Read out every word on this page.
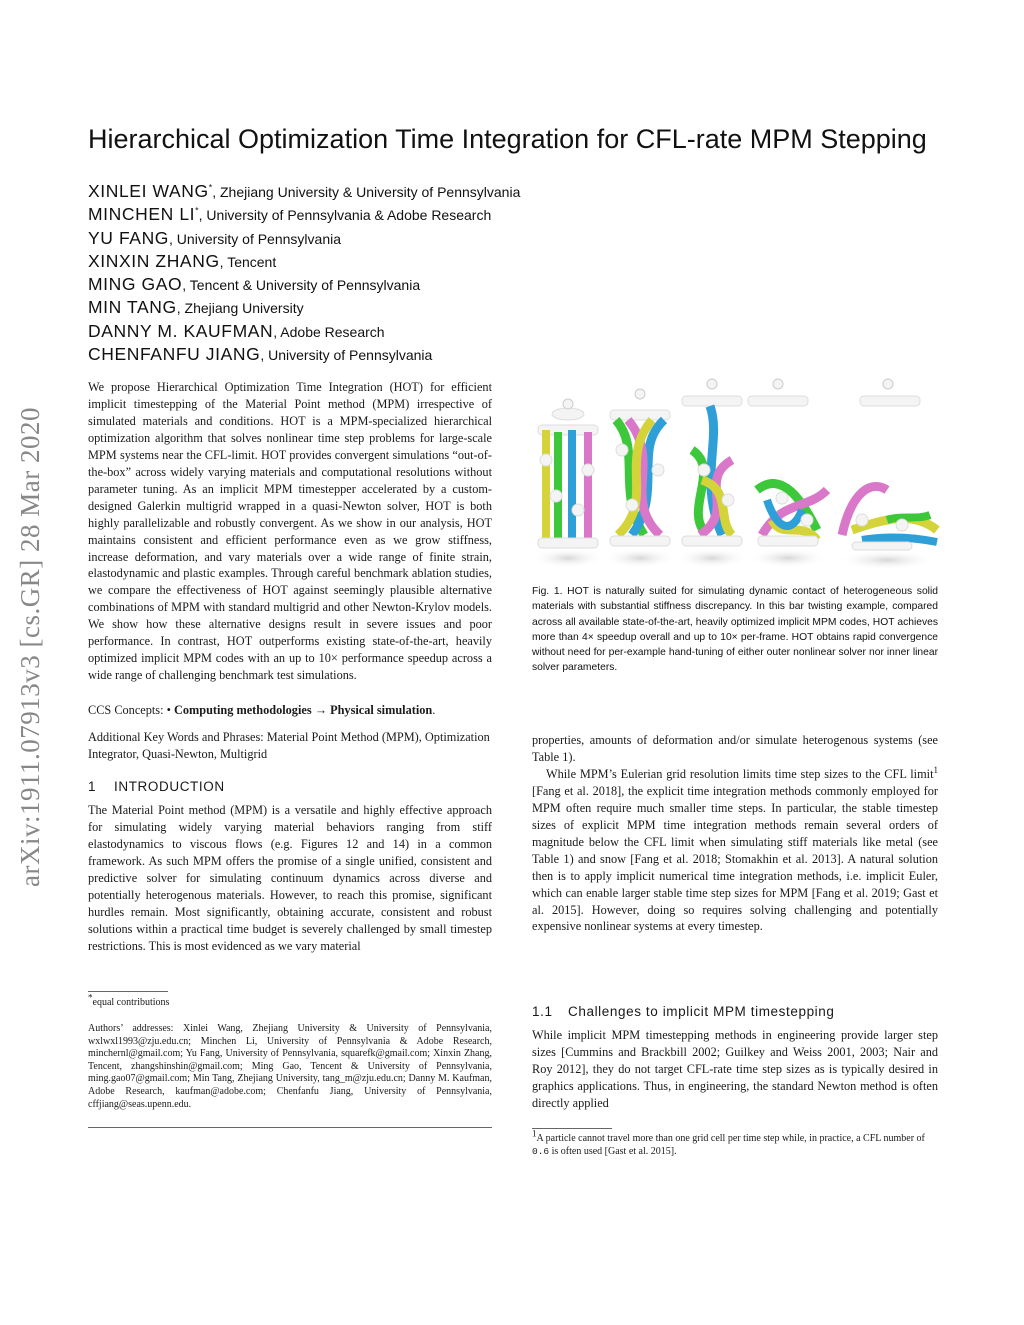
arXiv:1911.07913v3 [cs.GR] 28 Mar 2020
Hierarchical Optimization Time Integration for CFL-rate MPM Stepping
XINLEI WANG*, Zhejiang University & University of Pennsylvania
MINCHEN LI*, University of Pennsylvania & Adobe Research
YU FANG, University of Pennsylvania
XINXIN ZHANG, Tencent
MING GAO, Tencent & University of Pennsylvania
MIN TANG, Zhejiang University
DANNY M. KAUFMAN, Adobe Research
CHENFANFU JIANG, University of Pennsylvania

We propose Hierarchical Optimization Time Integration (HOT) for efficient implicit timestepping of the Material Point method (MPM) irrespective of simulated materials and conditions. HOT is a MPM-specialized hierarchical optimization algorithm that solves nonlinear time step problems for large-scale MPM systems near the CFL-limit. HOT provides convergent simulations “out-of-the-box” across widely varying materials and computational resolutions without parameter tuning. As an implicit MPM timestepper accelerated by a custom-designed Galerkin multigrid wrapped in a quasi-Newton solver, HOT is both highly parallelizable and robustly convergent. As we show in our analysis, HOT maintains consistent and efficient performance even as we grow stiffness, increase deformation, and vary materials over a wide range of finite strain, elastodynamic and plastic examples. Through careful benchmark ablation studies, we compare the effectiveness of HOT against seemingly plausible alternative combinations of MPM with standard multigrid and other Newton-Krylov models. We show how these alternative designs result in severe issues and poor performance. In contrast, HOT outperforms existing state-of-the-art, heavily optimized implicit MPM codes with an up to 10× performance speedup across a wide range of challenging benchmark test simulations.

CCS Concepts: • Computing methodologies → Physical simulation.

Additional Key Words and Phrases: Material Point Method (MPM), Optimization Integrator, Quasi-Newton, Multigrid

1 INTRODUCTION

The Material Point method (MPM) is a versatile and highly effective approach for simulating widely varying material behaviors ranging from stiff elastodynamics to viscous flows (e.g. Figures 12 and 14) in a common framework. As such MPM offers the promise of a single unified, consistent and predictive solver for simulating continuum dynamics across diverse and potentially heterogenous materials. However, to reach this promise, significant hurdles remain. Most significantly, obtaining accurate, consistent and robust solutions within a practical time budget is severely challenged by small timestep restrictions. This is most evidenced as we vary material

*equal contributions

Authors’ addresses: Xinlei Wang, Zhejiang University & University of Pennsylvania, wxlwxl1993@zju.edu.cn; Minchen Li, University of Pennsylvania & Adobe Research, minchernl@gmail.com; Yu Fang, University of Pennsylvania, squarefk@gmail.com; Xinxin Zhang, Tencent, zhangshinshin@gmail.com; Ming Gao, Tencent & University of Pennsylvania, ming.gao07@gmail.com; Min Tang, Zhejiang University, tang_m@zju.edu.cn; Danny M. Kaufman, Adobe Research, kaufman@adobe.com; Chenfanfu Jiang, University of Pennsylvania, cffjiang@seas.upenn.edu.

Fig. 1. HOT is naturally suited for simulating dynamic contact of heterogeneous solid materials with substantial stiffness discrepancy. In this bar twisting example, compared across all available state-of-the-art, heavily optimized implicit MPM codes, HOT achieves more than 4× speedup overall and up to 10× per-frame. HOT obtains rapid convergence without need for per-example hand-tuning of either outer nonlinear solver nor inner linear solver parameters.

properties, amounts of deformation and/or simulate heterogenous systems (see Table 1).

While MPM’s Eulerian grid resolution limits time step sizes to the CFL limit$^1$ [Fang et al. 2018], the explicit time integration methods commonly employed for MPM often require much smaller time steps. In particular, the stable timestep sizes of explicit MPM time integration methods remain several orders of magnitude below the CFL limit when simulating stiff materials like metal (see Table 1) and snow [Fang et al. 2018; Stomakhin et al. 2013]. A natural solution then is to apply implicit numerical time integration methods, i.e. implicit Euler, which can enable larger stable time step sizes for MPM [Fang et al. 2019; Gast et al. 2015]. However, doing so requires solving challenging and potentially expensive nonlinear systems at every timestep.

1.1 Challenges to implicit MPM timestepping

While implicit MPM timestepping methods in engineering provide larger step sizes [Cummins and Brackbill 2002; Guilkey and Weiss 2001, 2003; Nair and Roy 2012], they do not target CFL-rate time step sizes as is typically desired in graphics applications. Thus, in engineering, the standard Newton method is often directly applied

$^1$A particle cannot travel more than one grid cell per time step while, in practice, a CFL number of 0.6 is often used [Gast et al. 2015].
